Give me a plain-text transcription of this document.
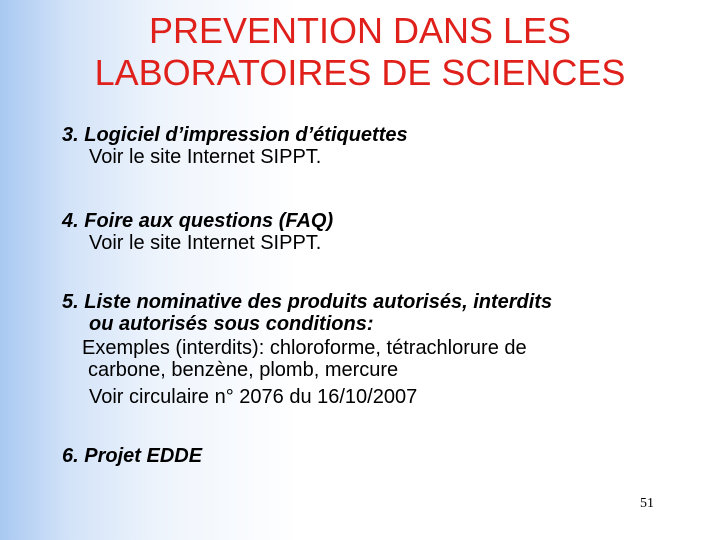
PREVENTION DANS LES
LABORATOIRES DE SCIENCES
3. Logiciel d’impression d’étiquettes
Voir le site Internet SIPPT.
4. Foire aux questions (FAQ)
Voir le site Internet SIPPT.
5. Liste nominative des produits autorisés, interdits
ou autorisés sous conditions:
Exemples (interdits): chloroforme, tétrachlorure de
carbone, benzène, plomb, mercure
Voir circulaire n° 2076 du 16/10/2007
6. Projet EDDE
51
